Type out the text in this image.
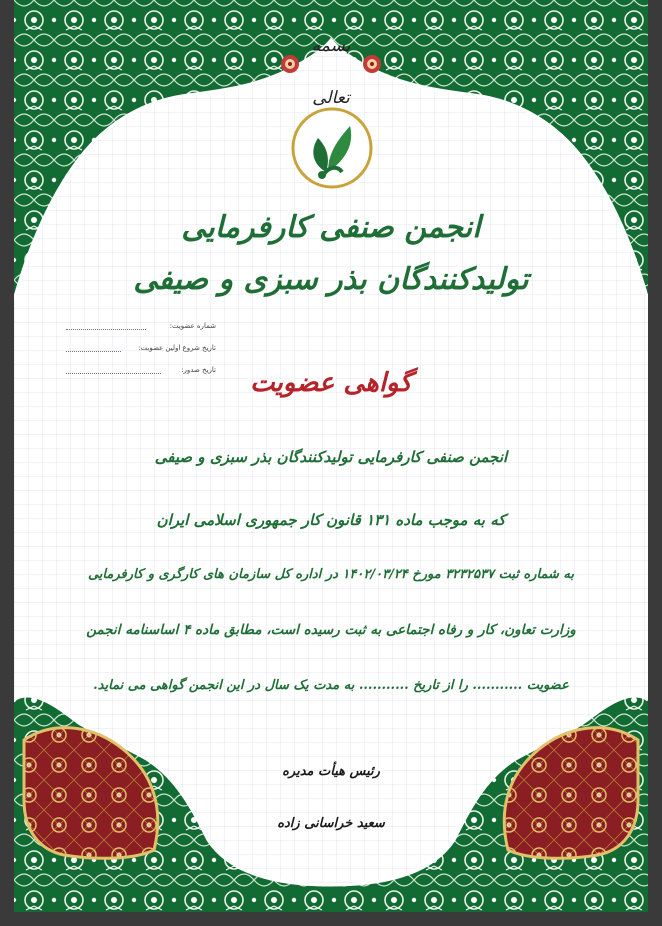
بسمه تعالی
انجمن صنفی کارفرمایی
تولیدکنندگان بذر سبزی و صیفی
شماره عضویت:
تاریخ شروع اولین عضویت:
تاریخ صدور:	گواهی عضویت
انجمن صنفی کارفرمایی تولیدکنندگان بذر سبزی و صیفی
که به موجب ماده ۱۳۱ قانون کار جمهوری اسلامی ایران
به شماره ثبت ۳۲۳۲۵۳۷ مورخ ۱۴۰۲/۰۳/۲۴ در اداره کل سازمان های کارگری و کارفرمایی
وزارت تعاون، کار و رفاه اجتماعی به ثبت رسیده است، مطابق ماده ۴ اساسنامه انجمن
عضویت ........... را از تاریخ ........... به مدت یک سال در این انجمن گواهی می نماید.
رئیس هیأت مدیره
سعید خراسانی زاده
